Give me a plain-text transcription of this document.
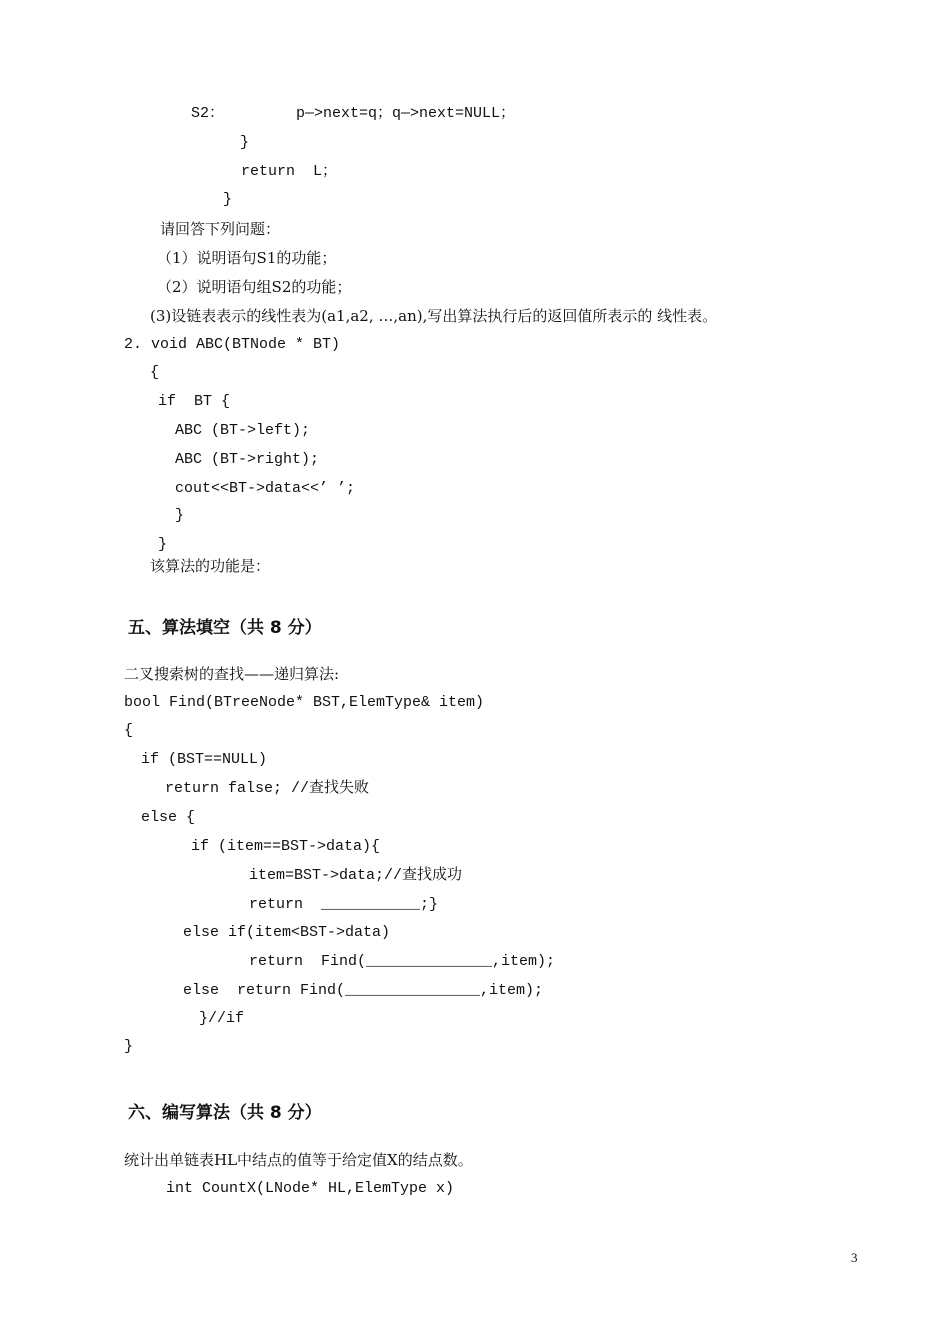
S2：        p—>next=q；q—>next=NULL；
}
return  L；
}
请回答下列问题：
（1）说明语句S1的功能；
（2）说明语句组S2的功能；
(3)设链表表示的线性表为(a1,a2, …,an),写出算法执行后的返回值所表示的 线性表。
2. void ABC(BTNode * BT)
{
if  BT {
ABC (BT->left);
ABC (BT->right);
cout<<BT->data<<’ ’;
}
}
该算法的功能是：
五、算法填空（共 8 分）
二叉搜索树的查找——递归算法:
bool Find(BTreeNode* BST,ElemType& item)
{
if (BST==NULL)
return false; //查找失败
else {
if (item==BST->data){
item=BST->data;//查找成功
return  ___________;}
else if(item<BST->data)
return  Find(______________,item);
else  return Find(_______________,item);
}//if
}
六、编写算法（共 8 分）
统计出单链表HL中结点的值等于给定值X的结点数。
int CountX(LNode* HL,ElemType x)
3
